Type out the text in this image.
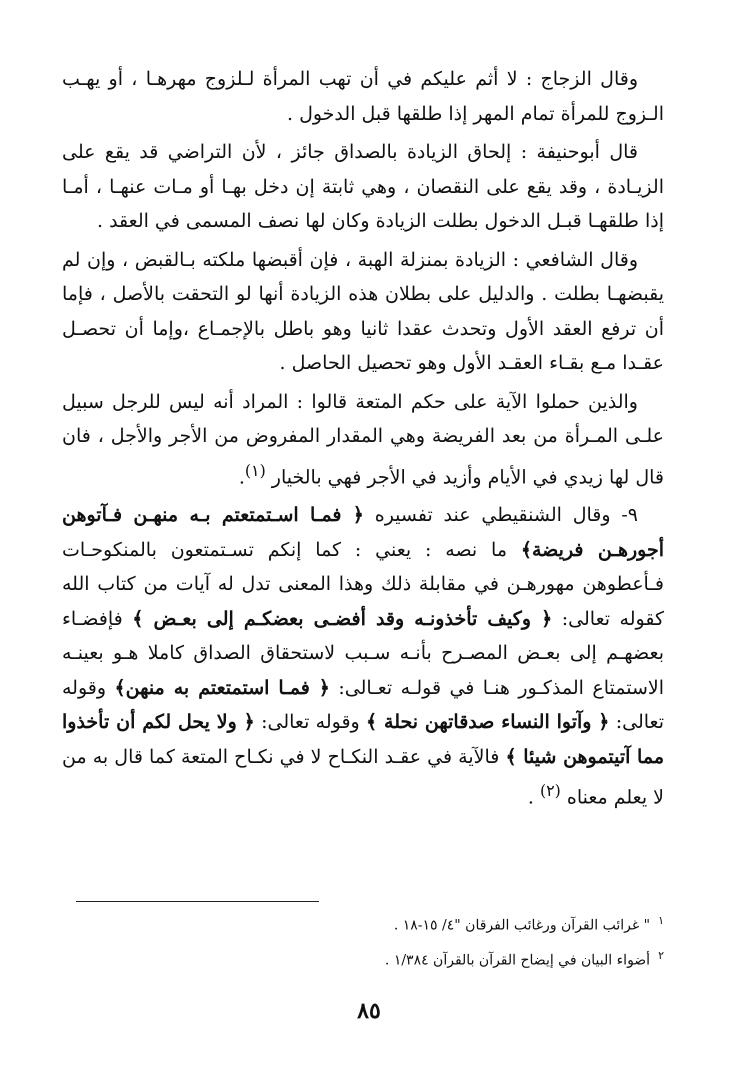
وقال الزجاج : لا أثم عليكم في أن تهب المرأة لـلزوج مهرهـا ، أو يهـب الـزوج للمرأة تمام المهر إذا طلقها قبل الدخول .

قال أبوحنيفة : إلحاق الزيادة بالصداق جائز ، لأن التراضي قد يقع على الزيـادة ، وقد يقع على النقصان ، وهي ثابتة إن دخل بهـا أو مـات عنهـا ، أمـا إذا طلقهـا قبـل الدخول بطلت الزيادة وكان لها نصف المسمى في العقد .

وقال الشافعي : الزيادة بمنزلة الهبة ، فإن أقبضها ملكته بـالقبض ، وإن لم يقبضهـا بطلت . والدليل على بطلان هذه الزيادة أنها لو التحقت بالأصل ، فإما أن ترفع العقد الأول وتحدث عقدا ثانيا وهو باطل بالإجمـاع ،وإما أن تحصـل عقـدا مـع بقـاء العقـد الأول وهو تحصيل الحاصل .

والذين حملوا الآية على حكم المتعة قالوا : المراد أنه ليس للرجل سبيل علـى المـرأة من بعد الفريضة وهي المقدار المفروض من الأجر والأجل ، فان قال لها زيدي في الأيام وأزيد في الأجر فهي بالخيار $^{(١)}$.

٩- وقال الشنقيطي عند تفسيره ﴿ فمـا اسـتمتعتم بـه منهـن فـآتوهن أجورهـن فريضة﴾ ما نصه : يعني : كما إنكم تسـتمتعون بالمنكوحـات فـأعطوهن مهورهـن في مقابلة ذلك وهذا المعنى تدل له آيات من كتاب الله كقوله تعالى: ﴿ وكيف تأخذونـه وقد أفضـى بعضكـم إلى بعـض ﴾ فإفضـاء بعضهـم إلى بعـض المصـرح بأنـه سـبب لاستحقاق الصداق كاملا هـو بعينـه الاستمتاع المذكـور هنـا في قولـه تعـالى: ﴿ فمـا استمتعتم به منهن﴾ وقوله تعالى: ﴿ وآتوا النساء صدقاتهن نحلة ﴾ وقوله تعالى: ﴿ ولا يحل لكم أن تأخذوا مما آتيتموهن شيئا ﴾ فالآية في عقـد النكـاح لا في نكـاح المتعة كما قال به من لا يعلم معناه $^{(٢)}$ .

$^١$" غرائب القرآن ورغائب الفرقان "٤/ ١٥-١٨ .
$^٢$أضواء البيان في إيضاح القرآن بالقرآن ١/٣٨٤ .
٨٥
